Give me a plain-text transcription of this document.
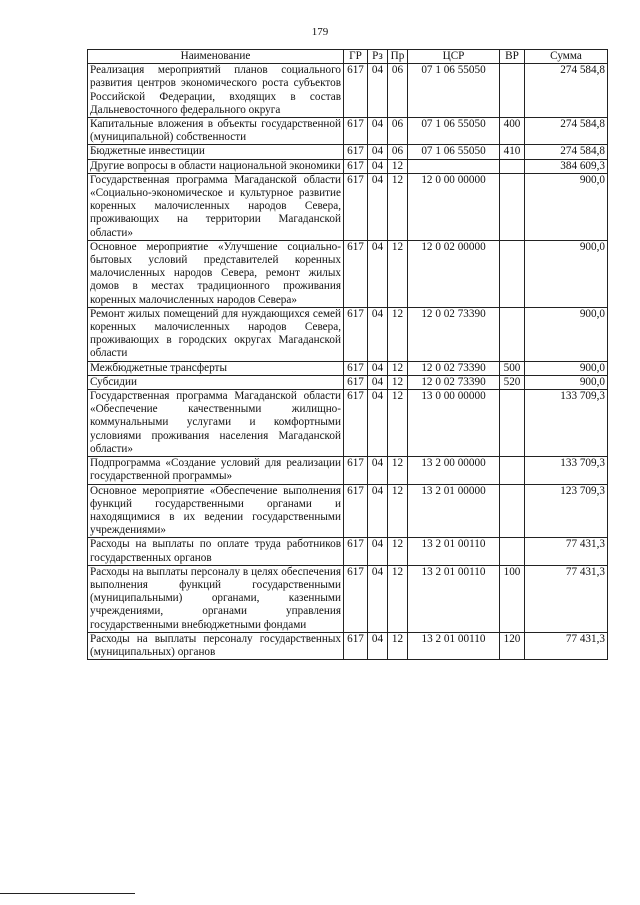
179
Наименование	ГР	Рз	Пр	ЦСР	ВР	Сумма
Реализация мероприятий планов социального развития центров экономического роста субъектов Российской Федерации, входящих в состав Дальневосточного федерального округа	617	04	06	07 1 06 55050		274 584,8
Капитальные вложения в объекты государственной (муниципальной) собственности	617	04	06	07 1 06 55050	400	274 584,8
Бюджетные инвестиции	617	04	06	07 1 06 55050	410	274 584,8
Другие вопросы в области национальной экономики	617	04	12			384 609,3
Государственная программа Магаданской области «Социально-экономическое и культурное развитие коренных малочисленных народов Севера, проживающих на территории Магаданской области»	617	04	12	12 0 00 00000		900,0
Основное мероприятие «Улучшение социально-бытовых условий представителей коренных малочисленных народов Севера, ремонт жилых домов в местах традиционного проживания коренных малочисленных народов Севера»	617	04	12	12 0 02 00000		900,0
Ремонт жилых помещений для нуждающихся семей коренных малочисленных народов Севера, проживающих в городских округах Магаданской области	617	04	12	12 0 02 73390		900,0
Межбюджетные трансферты	617	04	12	12 0 02 73390	500	900,0
Субсидии	617	04	12	12 0 02 73390	520	900,0
Государственная программа Магаданской области «Обеспечение качественными жилищно-коммунальными услугами и комфортными условиями проживания населения Магаданской области»	617	04	12	13 0 00 00000		133 709,3
Подпрограмма «Создание условий для реализации государственной программы»	617	04	12	13 2 00 00000		133 709,3
Основное мероприятие «Обеспечение выполнения функций государственными органами и находящимися в их ведении государственными учреждениями»	617	04	12	13 2 01 00000		123 709,3
Расходы на выплаты по оплате труда работников государственных органов	617	04	12	13 2 01 00110		77 431,3
Расходы на выплаты персоналу в целях обеспечения выполнения функций государственными (муниципальными) органами, казенными учреждениями, органами управления государственными внебюджетными фондами	617	04	12	13 2 01 00110	100	77 431,3
Расходы на выплаты персоналу государственных (муниципальных) органов	617	04	12	13 2 01 00110	120	77 431,3
